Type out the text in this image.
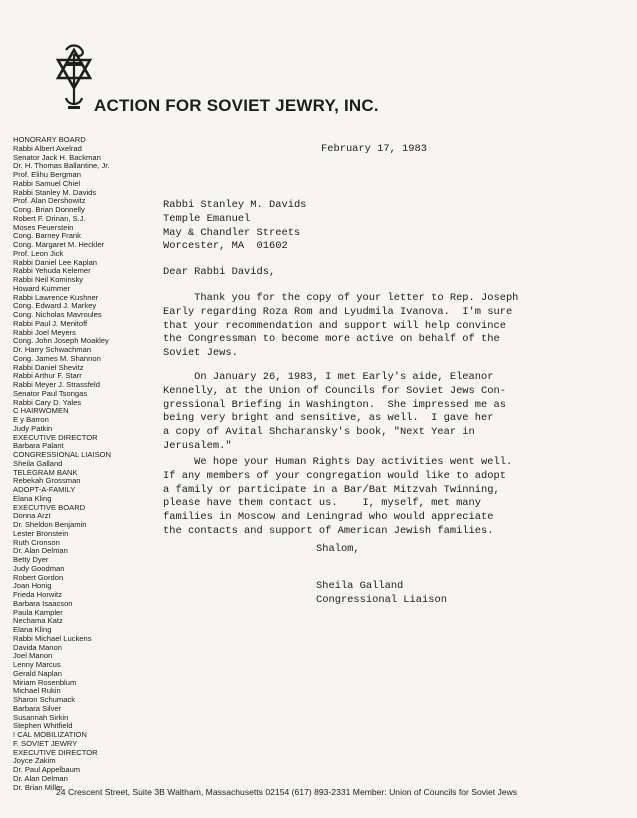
ACTION FOR SOVIET JEWRY, INC.
HONORARY BOARD
Rabbi Albert Axelrad
Senator Jack H. Backman
Dr. H. Thomas Ballantine, Jr.
Prof. Elihu Bergman
Rabbi Samuel Chiel
Rabbi Stanley M. Davids
Prof. Alan Dershowitz
Cong. Brian Donnelly
Robert F. Drinan, S.J.
Moses Feuerstein
Cong. Barney Frank
Cong. Margaret M. Heckler
Prof. Leon Jick
Rabbi Daniel Lee Kaplan
Rabbi Yehuda Kelemer
Rabbi Neil Kominsky
Howard Kummer
Rabbi Lawrence Kushner
Cong. Edward J. Markey
Cong. Nicholas Mavroules
Rabbi Paul J. Menitoff
Rabbi Joel Meyers
Cong. John Joseph Moakley
Dr. Harry Schwachman
Cong. James M. Shannon
Rabbi Daniel Shevitz
Rabbi Arthur F. Starr
Rabbi Meyer J. Strassfeld
Senator Paul Tsongas
Rabbi Cary D. Yales
C HAIRWOMEN
E y Barron
Judy Patkin
EXECUTIVE DIRECTOR
Barbara Palant
CONGRESSIONAL LIAISON
Sheila Galland
TELEGRAM BANK
Rebekah Grossman
ADOPT-A-FAMILY
Elana Kling
EXECUTIVE BOARD
Donna Arzt
Dr. Sheldon Benjamin
Lester Bronstein
Ruth Cronson
Dr. Alan Delman
Betty Dyer
Judy Goodman
Robert Gordon
Joan Honig
Frieda Horwitz
Barbara Isaacson
Paula Kampler
Nechama Katz
Elana Kling
Rabbi Michael Luckens
Davida Manon
Joel Manon
Lenny Marcus
Gerald Naplan
Miriam Rosenblum
Michael Rukin
Sharon Schumack
Barbara Silver
Susannah Sirkin
Stephen Whitfield
! CAL MOBILIZATION
F. SOVIET JEWRY
EXECUTIVE DIRECTOR
Joyce Zakim
Dr. Paul Appelbaum
Dr. Alan Delman
Dr. Brian Miller

February 17, 1983

Rabbi Stanley M. Davids

Temple Emanuel

May & Chandler Streets

Worcester, MA  01602

Dear Rabbi Davids,

Thank you for the copy of your letter to Rep. Joseph

Early regarding Roza Rom and Lyudmila Ivanova.  I'm sure

that your recommendation and support will help convince

the Congressman to become more active on behalf of the

Soviet Jews.

On January 26, 1983, I met Early's aide, Eleanor

Kennelly, at the Union of Councils for Soviet Jews Con-

gressional Briefing in Washington.  She impressed me as

being very bright and sensitive, as well.  I gave her

a copy of Avital Shcharansky's book, "Next Year in

Jerusalem."

We hope your Human Rights Day activities went well.

If any members of your congregation would like to adopt

a family or participate in a Bar/Bat Mitzvah Twinning,

please have them contact us.    I, myself, met many

families in Moscow and Leningrad who would appreciate

the contacts and support of American Jewish families.

Shalom,

Sheila Galland

Congressional Liaison

24 Crescent Street, Suite 3B Waltham, Massachusetts 02154 (617) 893-2331 Member: Union of Councils for Soviet Jews
